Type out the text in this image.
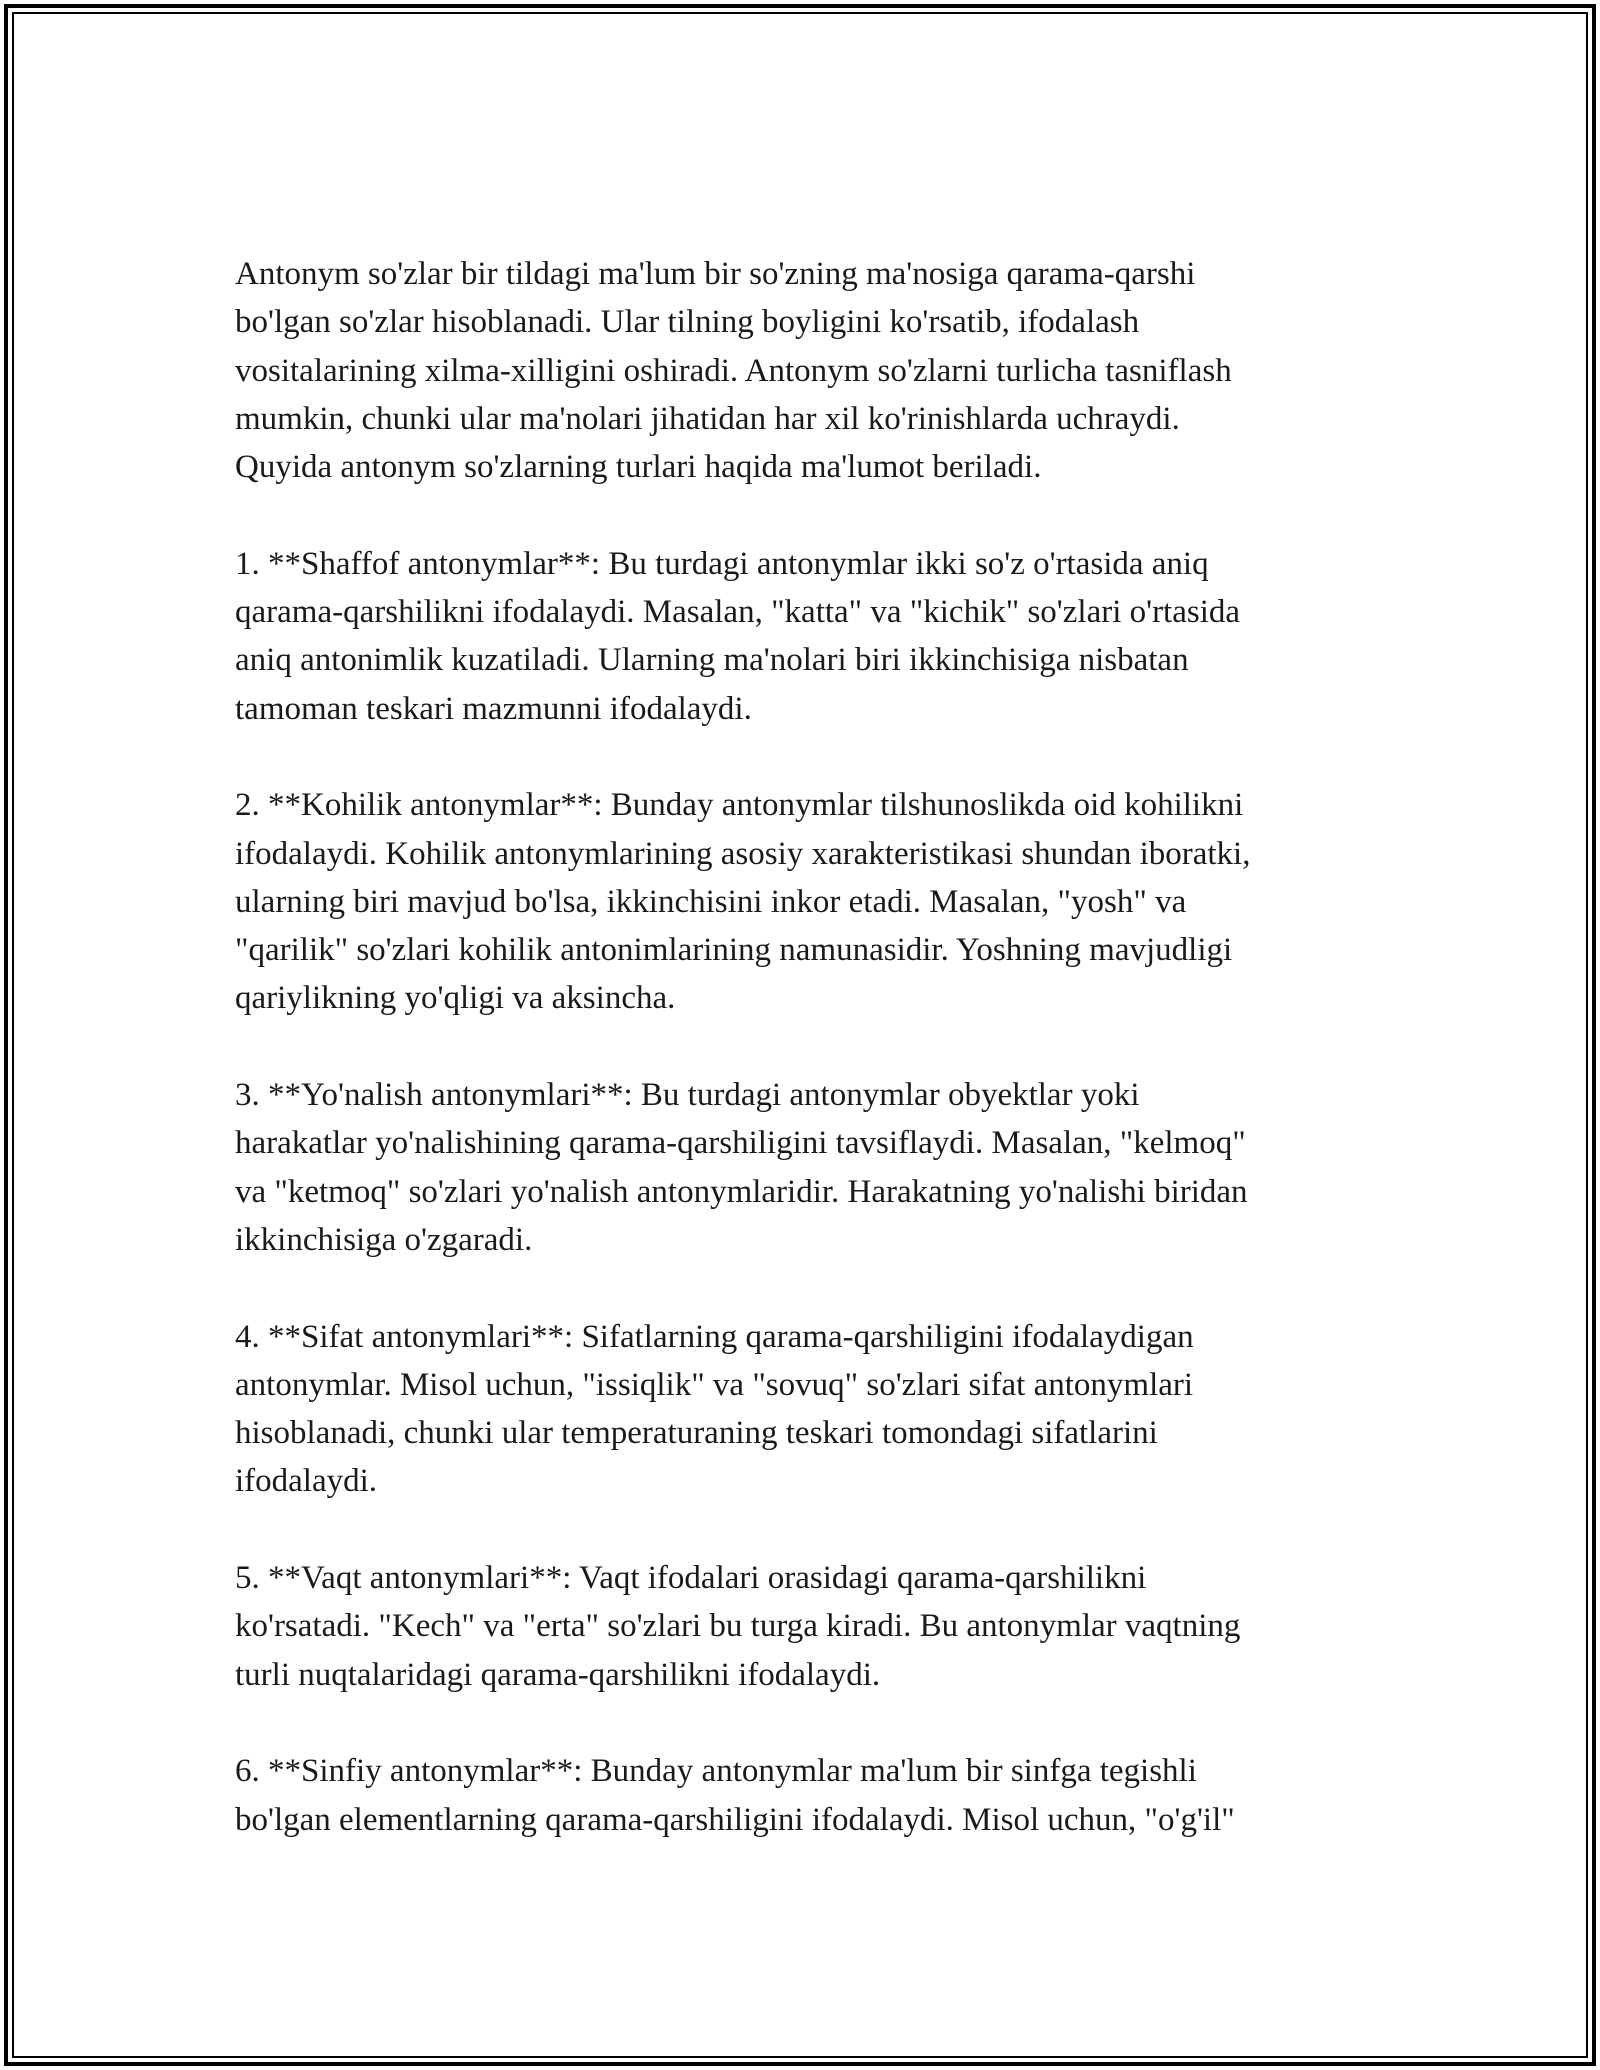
Antonym so'zlar bir tildagi ma'lum bir so'zning ma'nosiga qarama-qarshi
bo'lgan so'zlar hisoblanadi. Ular tilning boyligini ko'rsatib, ifodalash
vositalarining xilma-xilligini oshiradi. Antonym so'zlarni turlicha tasniflash
mumkin, chunki ular ma'nolari jihatidan har xil ko'rinishlarda uchraydi.
Quyida antonym so'zlarning turlari haqida ma'lumot beriladi.

1. **Shaffof antonymlar**: Bu turdagi antonymlar ikki so'z o'rtasida aniq
qarama-qarshilikni ifodalaydi. Masalan, "katta" va "kichik" so'zlari o'rtasida
aniq antonimlik kuzatiladi. Ularning ma'nolari biri ikkinchisiga nisbatan
tamoman teskari mazmunni ifodalaydi.

2. **Kohilik antonymlar**: Bunday antonymlar tilshunoslikda oid kohilikni
ifodalaydi. Kohilik antonymlarining asosiy xarakteristikasi shundan iboratki,
ularning biri mavjud bo'lsa, ikkinchisini inkor etadi. Masalan, "yosh" va
"qarilik" so'zlari kohilik antonimlarining namunasidir. Yoshning mavjudligi
qariylikning yo'qligi va aksincha.

3. **Yo'nalish antonymlari**: Bu turdagi antonymlar obyektlar yoki
harakatlar yo'nalishining qarama-qarshiligini tavsiflaydi. Masalan, "kelmoq"
va "ketmoq" so'zlari yo'nalish antonymlaridir. Harakatning yo'nalishi biridan
ikkinchisiga o'zgaradi.

4. **Sifat antonymlari**: Sifatlarning qarama-qarshiligini ifodalaydigan
antonymlar. Misol uchun, "issiqlik" va "sovuq" so'zlari sifat antonymlari
hisoblanadi, chunki ular temperaturaning teskari tomondagi sifatlarini
ifodalaydi.

5. **Vaqt antonymlari**: Vaqt ifodalari orasidagi qarama-qarshilikni
ko'rsatadi. "Kech" va "erta" so'zlari bu turga kiradi. Bu antonymlar vaqtning
turli nuqtalaridagi qarama-qarshilikni ifodalaydi.

6. **Sinfiy antonymlar**: Bunday antonymlar ma'lum bir sinfga tegishli
bo'lgan elementlarning qarama-qarshiligini ifodalaydi. Misol uchun, "o'g'il"
